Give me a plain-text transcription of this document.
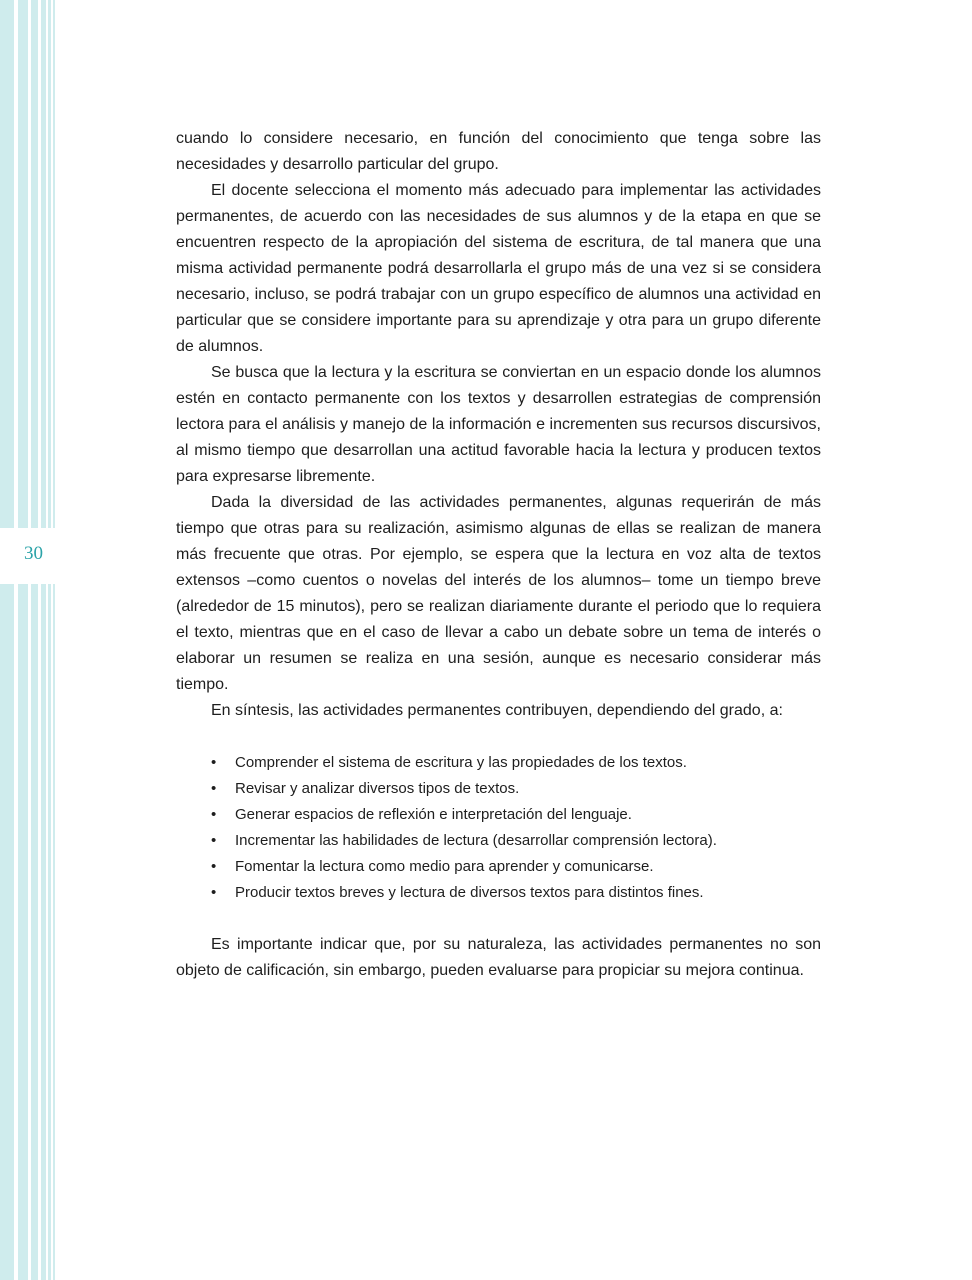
30

cuando lo considere necesario, en función del conocimiento que tenga sobre las necesidades y desarrollo particular del grupo.

El docente selecciona el momento más adecuado para implementar las actividades permanentes, de acuerdo con las necesidades de sus alumnos y de la etapa en que se encuentren respecto de la apropiación del sistema de escritura, de tal manera que una misma actividad permanente podrá desarrollarla el grupo más de una vez si se considera necesario, incluso, se podrá trabajar con un grupo específico de alumnos una actividad en particular que se considere importante para su aprendizaje y otra para un grupo diferente de alumnos.

Se busca que la lectura y la escritura se conviertan en un espacio donde los alumnos estén en contacto permanente con los textos y desarrollen estrategias de comprensión lectora para el análisis y manejo de la información e incrementen sus recursos discursivos, al mismo tiempo que desarrollan una actitud favorable hacia la lectura y producen textos para expresarse libremente.

Dada la diversidad de las actividades permanentes, algunas requerirán de más tiempo que otras para su realización, asimismo algunas de ellas se realizan de manera más frecuente que otras. Por ejemplo, se espera que la lectura en voz alta de textos extensos –como cuentos o novelas del interés de los alumnos– tome un tiempo breve (alrededor de 15 minutos), pero se realizan diariamente durante el periodo que lo requiera el texto, mientras que en el caso de llevar a cabo un debate sobre un tema de interés o elaborar un resumen se realiza en una sesión, aunque es necesario considerar más tiempo.

En síntesis, las actividades permanentes contribuyen, dependiendo del grado, a:

• Comprender el sistema de escritura y las propiedades de los textos.
• Revisar y analizar diversos tipos de textos.
• Generar espacios de reflexión e interpretación del lenguaje.
• Incrementar las habilidades de lectura (desarrollar comprensión lectora).
• Fomentar la lectura como medio para aprender y comunicarse.
• Producir textos breves y lectura de diversos textos para distintos fines.

Es importante indicar que, por su naturaleza, las actividades permanentes no son objeto de calificación, sin embargo, pueden evaluarse para propiciar su mejora continua.
